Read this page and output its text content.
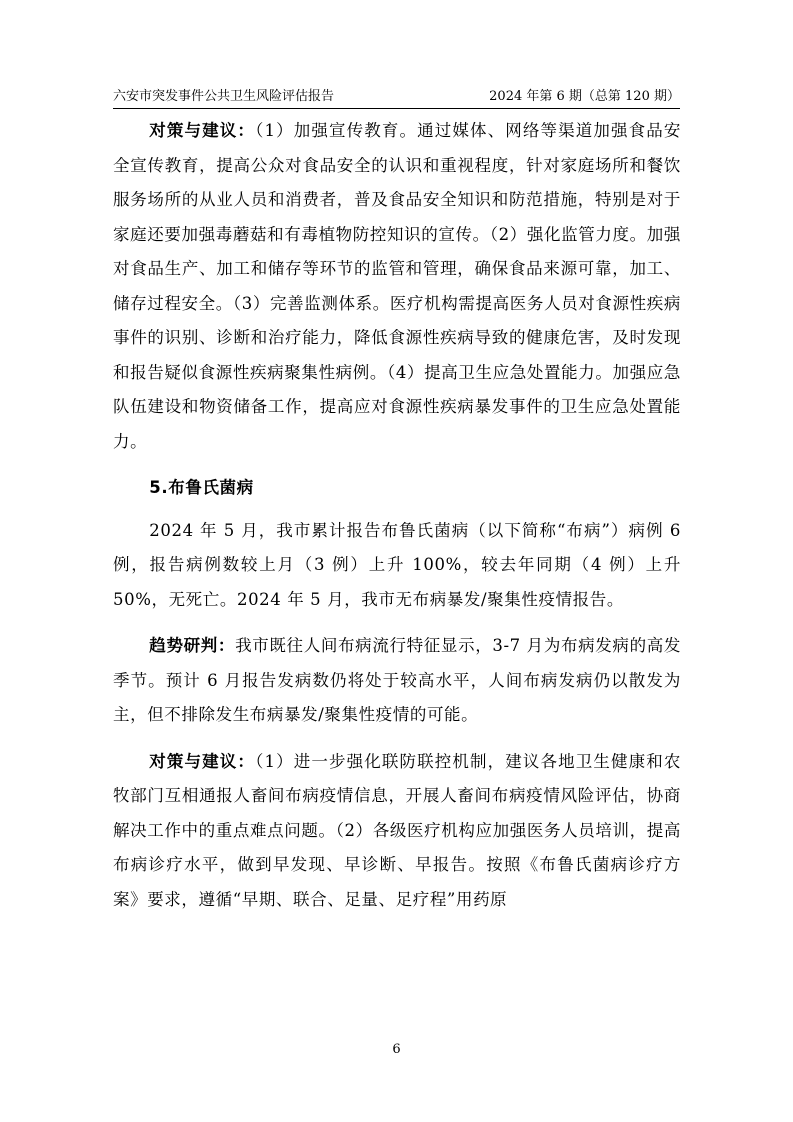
六安市突发事件公共卫生风险评估报告	2024 年第 6 期（总第 120 期）

对策与建议：（1）加强宣传教育。通过媒体、网络等渠道加强食品安全宣传教育，提高公众对食品安全的认识和重视程度，针对家庭场所和餐饮服务场所的从业人员和消费者，普及食品安全知识和防范措施，特别是对于家庭还要加强毒蘑菇和有毒植物防控知识的宣传。（2）强化监管力度。加强对食品生产、加工和储存等环节的监管和管理，确保食品来源可靠，加工、储存过程安全。（3）完善监测体系。医疗机构需提高医务人员对食源性疾病事件的识别、诊断和治疗能力，降低食源性疾病导致的健康危害，及时发现和报告疑似食源性疾病聚集性病例。（4）提高卫生应急处置能力。加强应急队伍建设和物资储备工作，提高应对食源性疾病暴发事件的卫生应急处置能力。

5.布鲁氏菌病

2024 年 5 月，我市累计报告布鲁氏菌病（以下简称“布病”）病例 6 例，报告病例数较上月（3 例）上升 100%，较去年同期（4 例）上升 50%，无死亡。2024 年 5 月，我市无布病暴发/聚集性疫情报告。

趋势研判：我市既往人间布病流行特征显示，3-7 月为布病发病的高发季节。预计 6 月报告发病数仍将处于较高水平，人间布病发病仍以散发为主，但不排除发生布病暴发/聚集性疫情的可能。

对策与建议：（1）进一步强化联防联控机制，建议各地卫生健康和农牧部门互相通报人畜间布病疫情信息，开展人畜间布病疫情风险评估，协商解决工作中的重点难点问题。（2）各级医疗机构应加强医务人员培训，提高布病诊疗水平，做到早发现、早诊断、早报告。按照《布鲁氏菌病诊疗方案》要求，遵循“早期、联合、足量、足疗程”用药原

6
